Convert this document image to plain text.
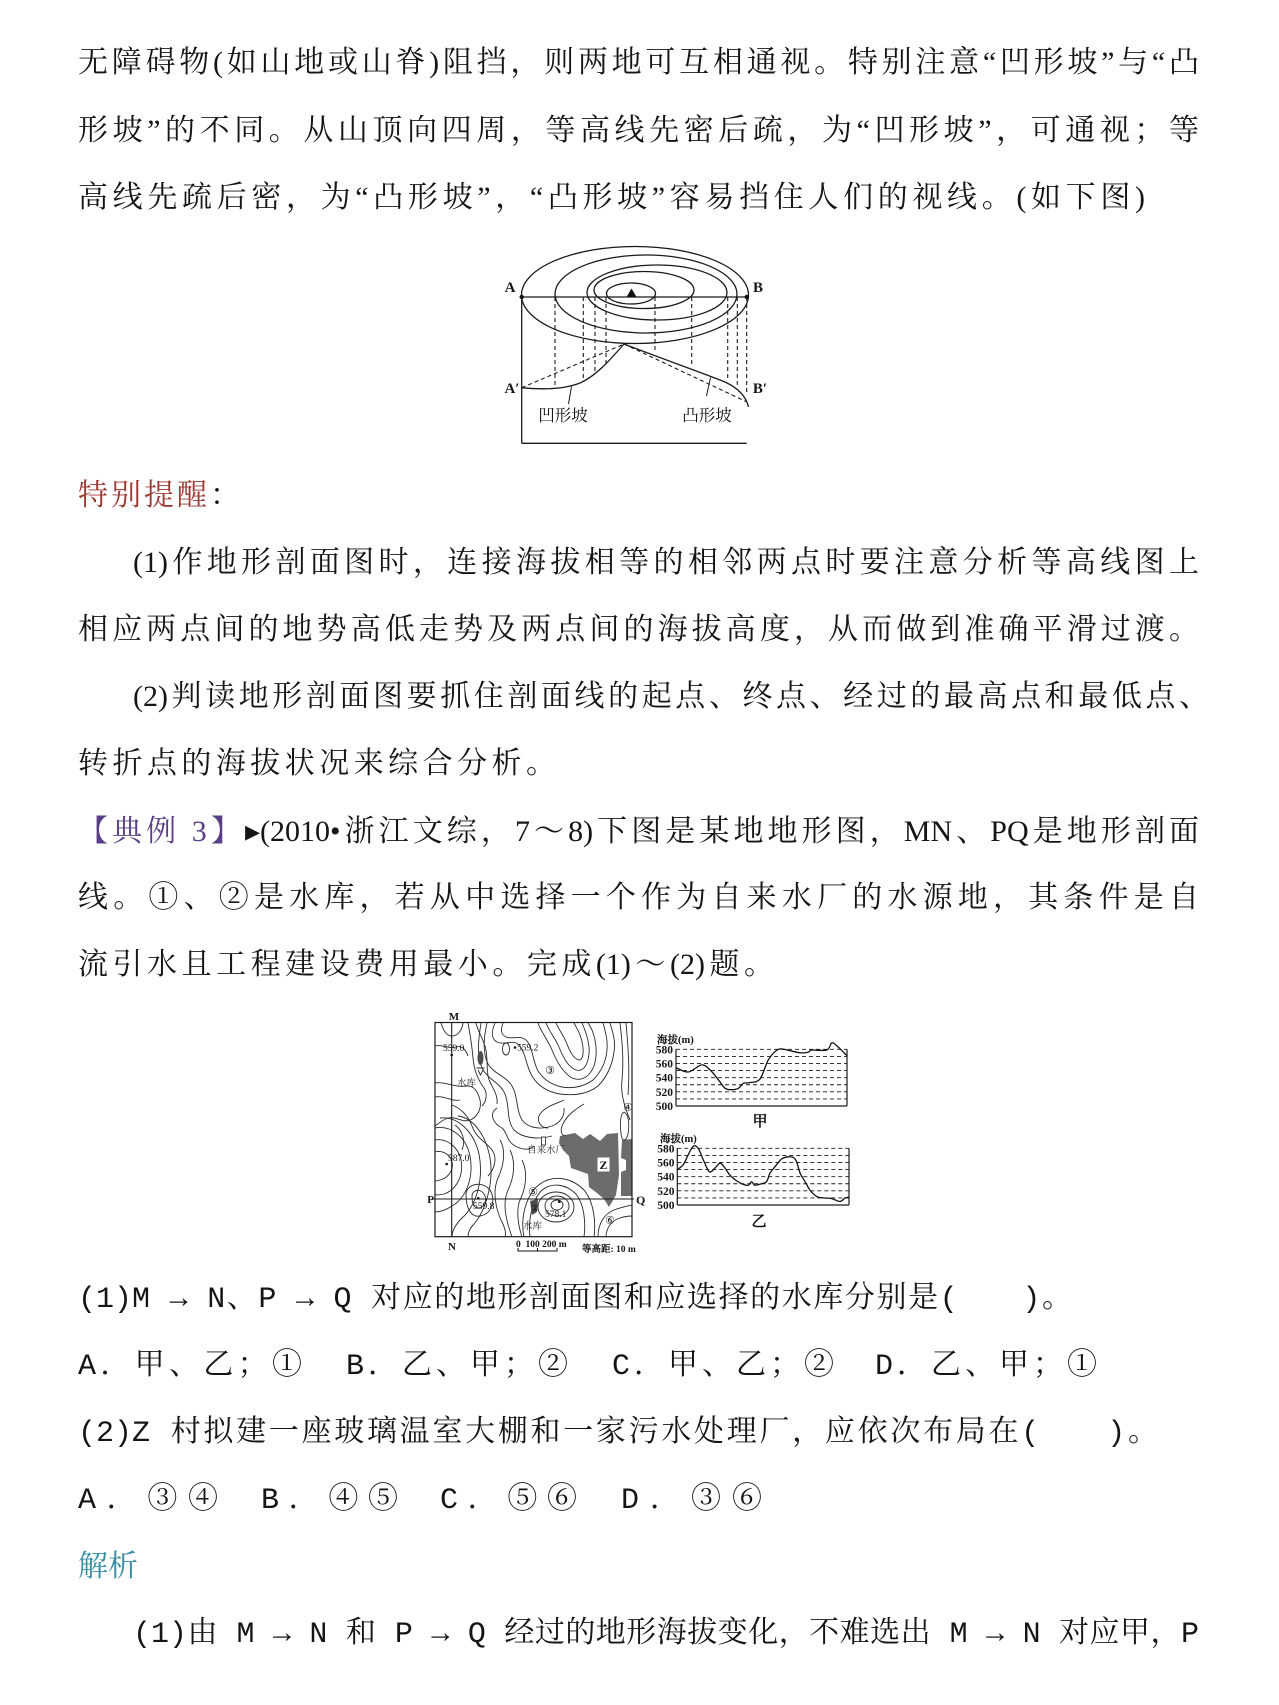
无障碍物(如山地或山脊)阻挡，则两地可互相通视。特别注意“凹形坡”与“凸
形坡”的不同。从山顶向四周，等高线先密后疏，为“凹形坡”，可通视；等
高线先疏后密，为“凸形坡”，“凸形坡”容易挡住人们的视线。(如下图)
A	B
A′	B′
凹形坡	凸形坡
特别提醒：
(1)作地形剖面图时，连接海拔相等的相邻两点时要注意分析等高线图上
相应两点间的地势高低走势及两点间的海拔高度，从而做到准确平滑过渡。
(2)判读地形剖面图要抓住剖面线的起点、终点、经过的最高点和最低点、
转折点的海拔状况来综合分析。
【典例 3】▸(2010•浙江文综，7～8)下图是某地地形图，MN、PQ是地形剖面
线。①、②是水库，若从中选择一个作为自来水厂的水源地，其条件是自
流引水且工程建设费用最小。完成(1)～(2)题。
M
N
P	Q
559.0	559.2
587.0
559.8
578.1
水库
水库
②
自来水厂
Z
③
④
⑤
⑥
0  100 200 m 等高距: 10 m
海拔(m)
580
560
540
520
500
甲
海拔(m)
580
560
540
520
500
乙
(1)M → N、P → Q 对应的地形剖面图和应选择的水库分别是(　　)。
A．甲、乙；① B．乙、甲；② C．甲、乙；② D．乙、甲；①
(2)Z 村拟建一座玻璃温室大棚和一家污水处理厂，应依次布局在(　　)。
A．③④ B．④⑤ C．⑤⑥ D．③⑥
解析
(1)由 M → N 和 P → Q 经过的地形海拔变化，不难选出 M → N 对应甲，P
